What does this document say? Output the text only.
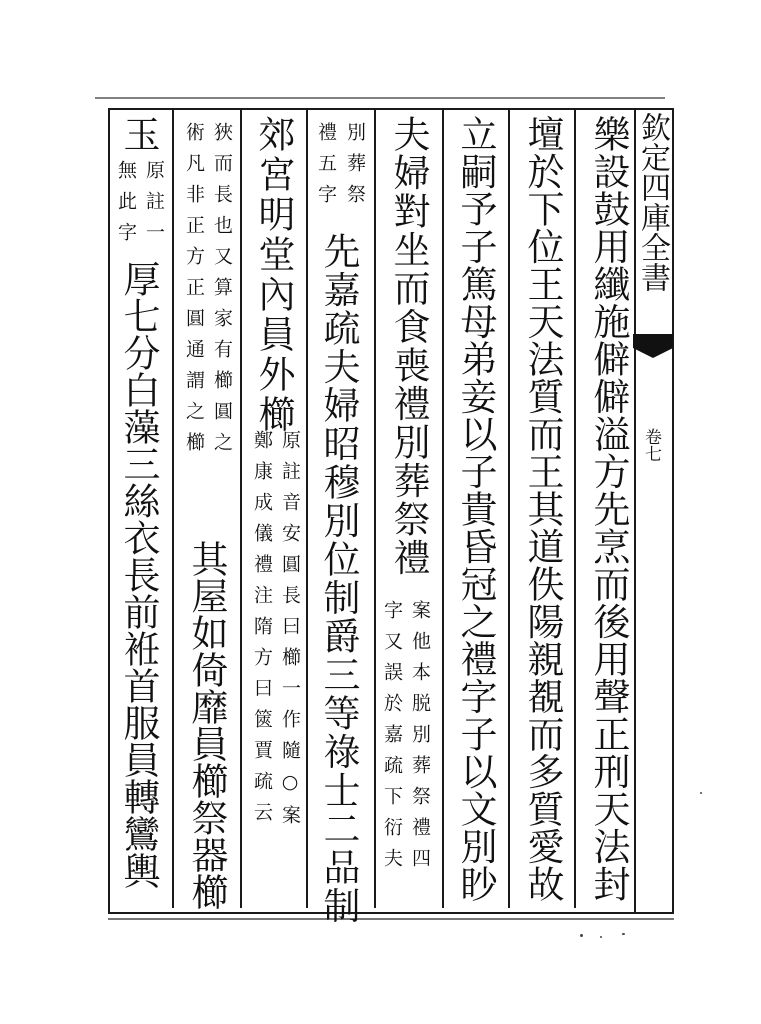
欽定四庫全書
卷七
樂設鼓用纖施僻僻溢方先烹而後用聲正刑天法封
壇於下位王天法質而王其道佚陽親覩而多質愛故
立嗣予子篤母弟妾以子貴昏冠之禮字子以文別眇
夫婦對坐而食喪禮別葬祭禮
案他本脱別葬祭禮四
字又誤於嘉疏下衍夫
別葬祭
禮五字
先嘉疏夫婦昭穆別位制爵三等祿士二品制
郊宮明堂內員外櫛
原註音安圓長曰櫛一作隨○案
鄭康成儀禮注隋方曰篋賈疏云
狹而長也又算家有櫛圓之
術凡非正方正圓通謂之櫛
其屋如倚靡員櫛祭器櫛
玉
原註一
無此字
厚七分白藻三絲衣長前袵首服員轉鸞輿
